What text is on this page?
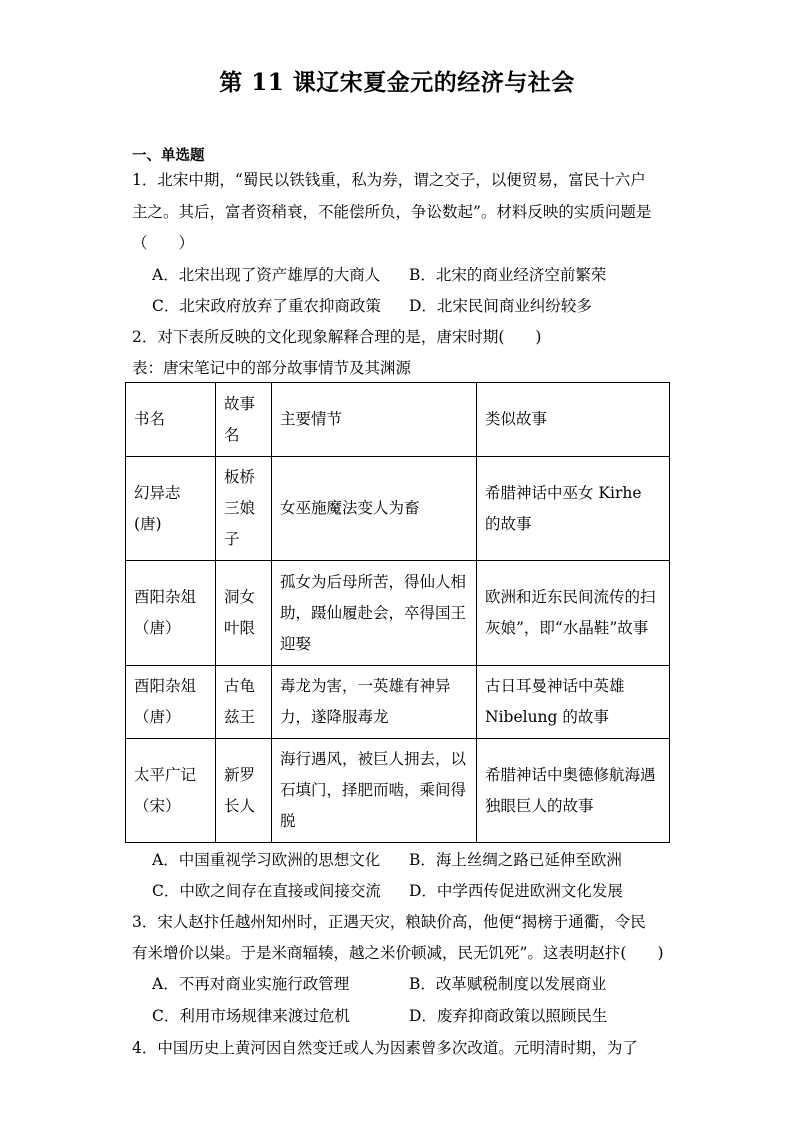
第 11 课辽宋夏金元的经济与社会
一、单选题
1．北宋中期，“蜀民以铁钱重，私为券，谓之交子，以便贸易，富民十六户
主之。其后，富者资稍衰，不能偿所负，争讼数起”。材料反映的实质问题是
（　　）
A．北宋出现了资产雄厚的大商人 B．北宋的商业经济空前繁荣
C．北宋政府放弃了重农抑商政策 D．北宋民间商业纠纷较多
2．对下表所反映的文化现象解释合理的是，唐宋时期(　　)
表：唐宋笔记中的部分故事情节及其渊源
书名	故事名	主要情节	类似故事

幻异志(唐)	板桥三娘子	女巫施魔法变人为畜	希腊神话中巫女 Kirhe 的故事

酉阳杂俎（唐）	洞女叶限	孤女为后母所苦，得仙人相助，蹑仙履赴会，卒得国王迎娶	欧洲和近东民间流传的扫灰娘”，即“水晶鞋”故事

酉阳杂俎（唐）	古龟兹王	毒龙为害，一英雄有神异力，遂降服毒龙	古日耳曼神话中英雄 Nibelung 的故事

太平广记（宋）	新罗长人	海行遇风，被巨人拥去，以石填门，择肥而啮，乘间得脱	希腊神话中奥德修航海遇独眼巨人的故事
A．中国重视学习欧洲的思想文化 B．海上丝绸之路已延伸至欧洲
C．中欧之间存在直接或间接交流 D．中学西传促进欧洲文化发展
3．宋人赵抃任越州知州时，正遇天灾，粮缺价高，他便“揭榜于通衢，令民
有米增价以粜。于是米商辐辏，越之米价顿减，民无饥死”。这表明赵抃(　　)
A．不再对商业实施行政管理	B．改革赋税制度以发展商业
C．利用市场规律来渡过危机	D．废弃抑商政策以照顾民生
4．中国历史上黄河因自然变迁或人为因素曾多次改道。元明清时期，为了
